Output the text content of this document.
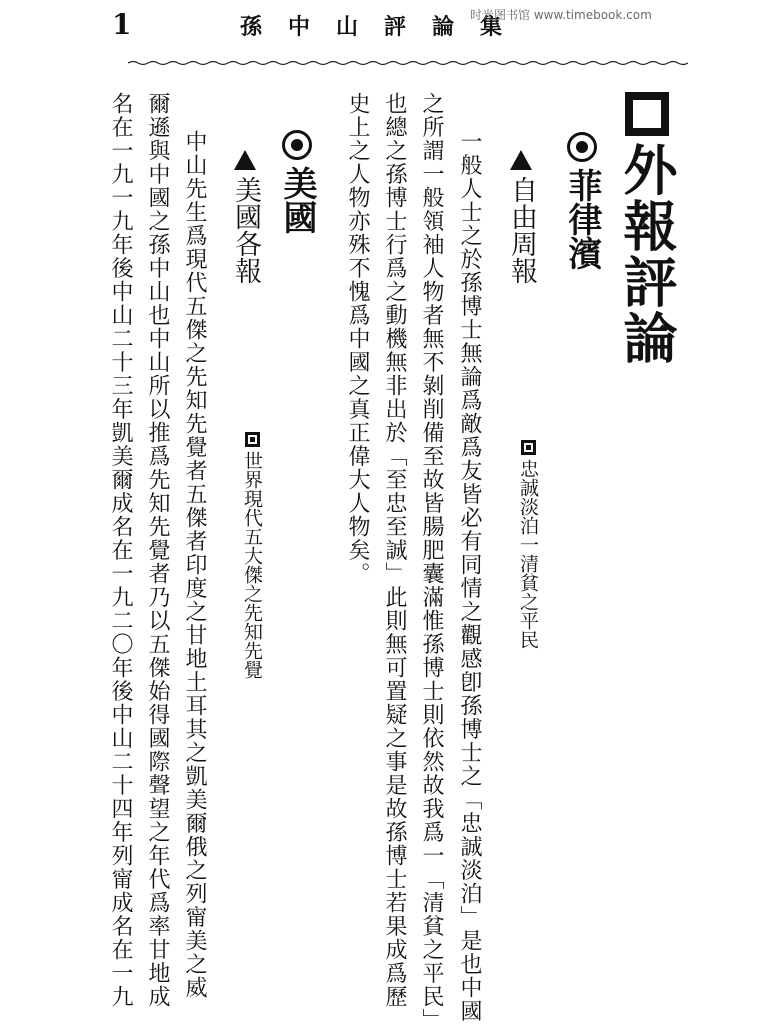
1	孫中山評論集
时光图书馆 www.timebook.com
外報評論
菲律濱
自由周報
忠誠淡泊一清貧之平民
一般人士之於孫博士無論爲敵爲友皆必有同情之觀感卽孫博士之「忠誠淡泊」是也中國
之所謂一般領袖人物者無不剝削備至故皆腸肥囊滿惟孫博士則依然故我爲一「清貧之平民」
也總之孫博士行爲之動機無非出於「至忠至誠」此則無可置疑之事是故孫博士若果成爲歷
史上之人物亦殊不愧爲中國之真正偉大人物矣。
美國
美國各報
世界現代五大傑之先知先覺
中山先生爲現代五傑之先知先覺者五傑者印度之甘地土耳其之凱美爾俄之列甯美之威
爾遜與中國之孫中山也中山所以推爲先知先覺者乃以五傑始得國際聲望之年代爲率甘地成
名在一九一九年後中山二十三年凱美爾成名在一九二〇年後中山二十四年列甯成名在一九
